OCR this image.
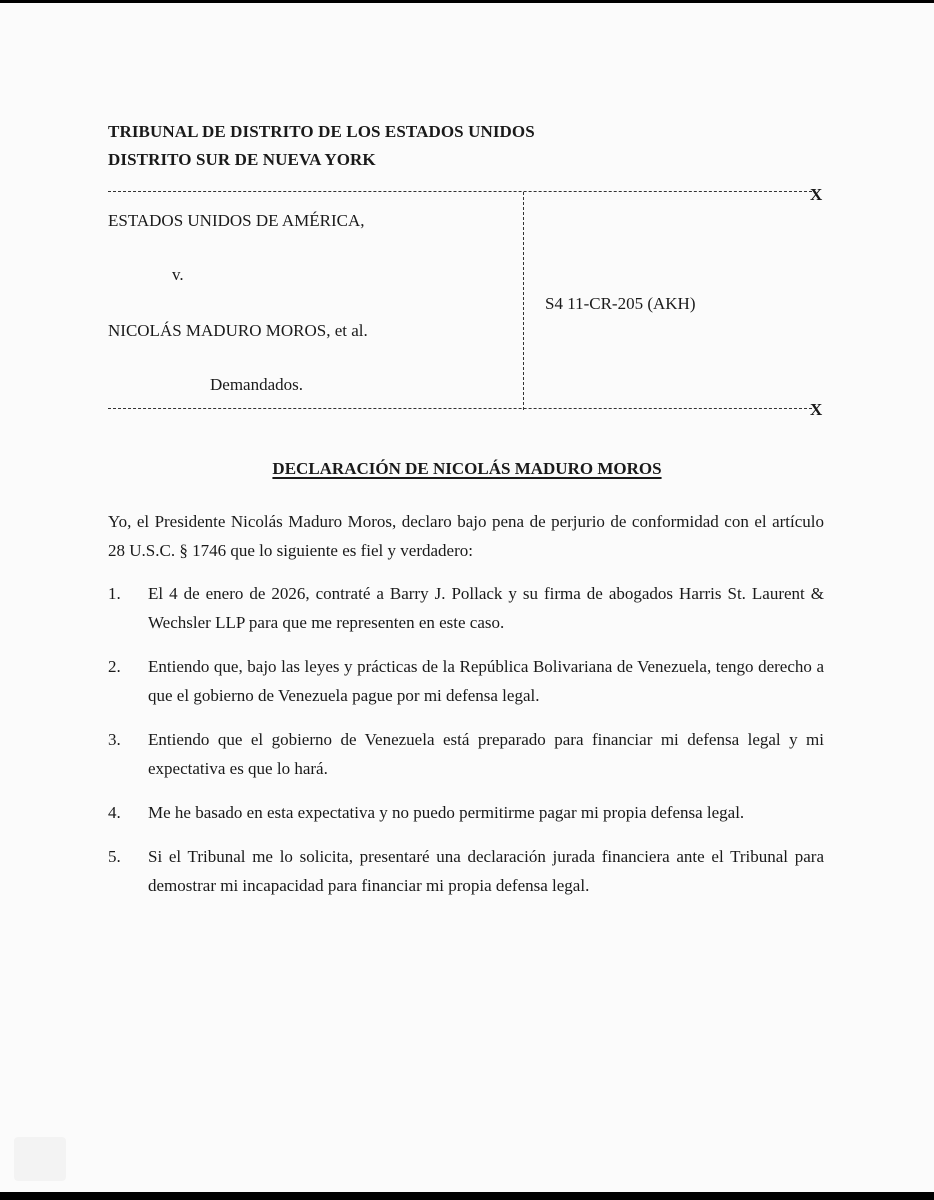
TRIBUNAL DE DISTRITO DE LOS ESTADOS UNIDOS
DISTRITO SUR DE NUEVA YORK
X
ESTADOS UNIDOS DE AMÉRICA,
v.
S4 11-CR-205 (AKH)
NICOLÁS MADURO MOROS, et al.
Demandados.
X
DECLARACIÓN DE NICOLÁS MADURO MOROS
Yo, el Presidente Nicolás Maduro Moros, declaro bajo pena de perjurio de conformidad con el artículo 28 U.S.C. § 1746 que lo siguiente es fiel y verdadero:
1. El 4 de enero de 2026, contraté a Barry J. Pollack y su firma de abogados Harris St. Laurent & Wechsler LLP para que me representen en este caso.
2. Entiendo que, bajo las leyes y prácticas de la República Bolivariana de Venezuela, tengo derecho a que el gobierno de Venezuela pague por mi defensa legal.
3. Entiendo que el gobierno de Venezuela está preparado para financiar mi defensa legal y mi expectativa es que lo hará.
4. Me he basado en esta expectativa y no puedo permitirme pagar mi propia defensa legal.
5. Si el Tribunal me lo solicita, presentaré una declaración jurada financiera ante el Tribunal para demostrar mi incapacidad para financiar mi propia defensa legal.
